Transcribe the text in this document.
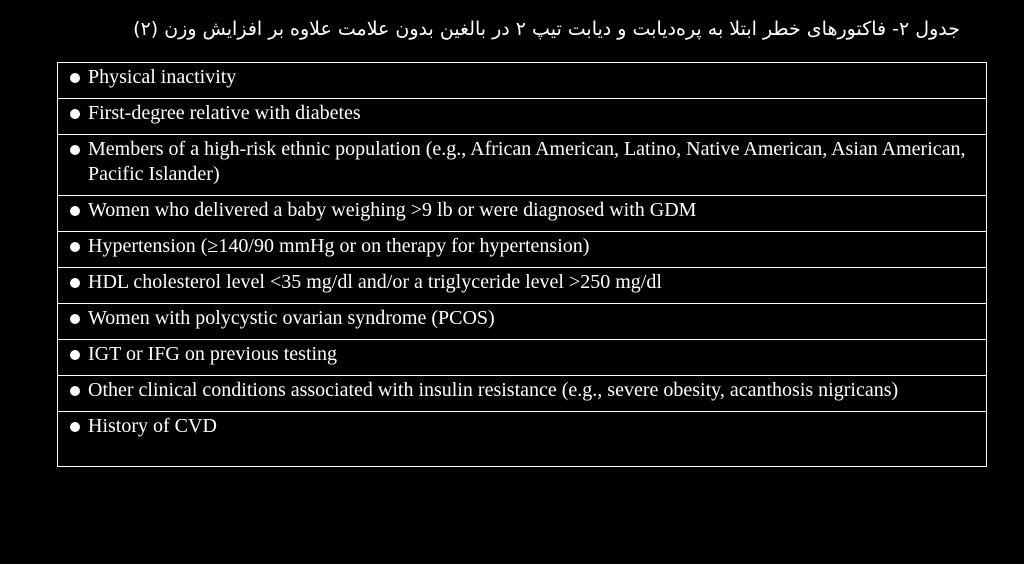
جدول ۲- فاکتورهای خطر ابتلا به پره‌دیابت و دیابت تیپ ۲ در بالغین بدون علامت علاوه بر افزایش وزن (۲)
Physical inactivity
First-degree relative with diabetes
Members of a high-risk ethnic population (e.g., African American, Latino, Native American, Asian American, Pacific Islander)
Women who delivered a baby weighing >9 lb or were diagnosed with GDM
Hypertension (≥140/90 mmHg or on therapy for hypertension)
HDL cholesterol level <35 mg/dl and/or a triglyceride level >250 mg/dl
Women with polycystic ovarian syndrome (PCOS)
IGT or IFG on previous testing
Other clinical conditions associated with insulin resistance (e.g., severe obesity, acanthosis nigricans)
History of CVD
